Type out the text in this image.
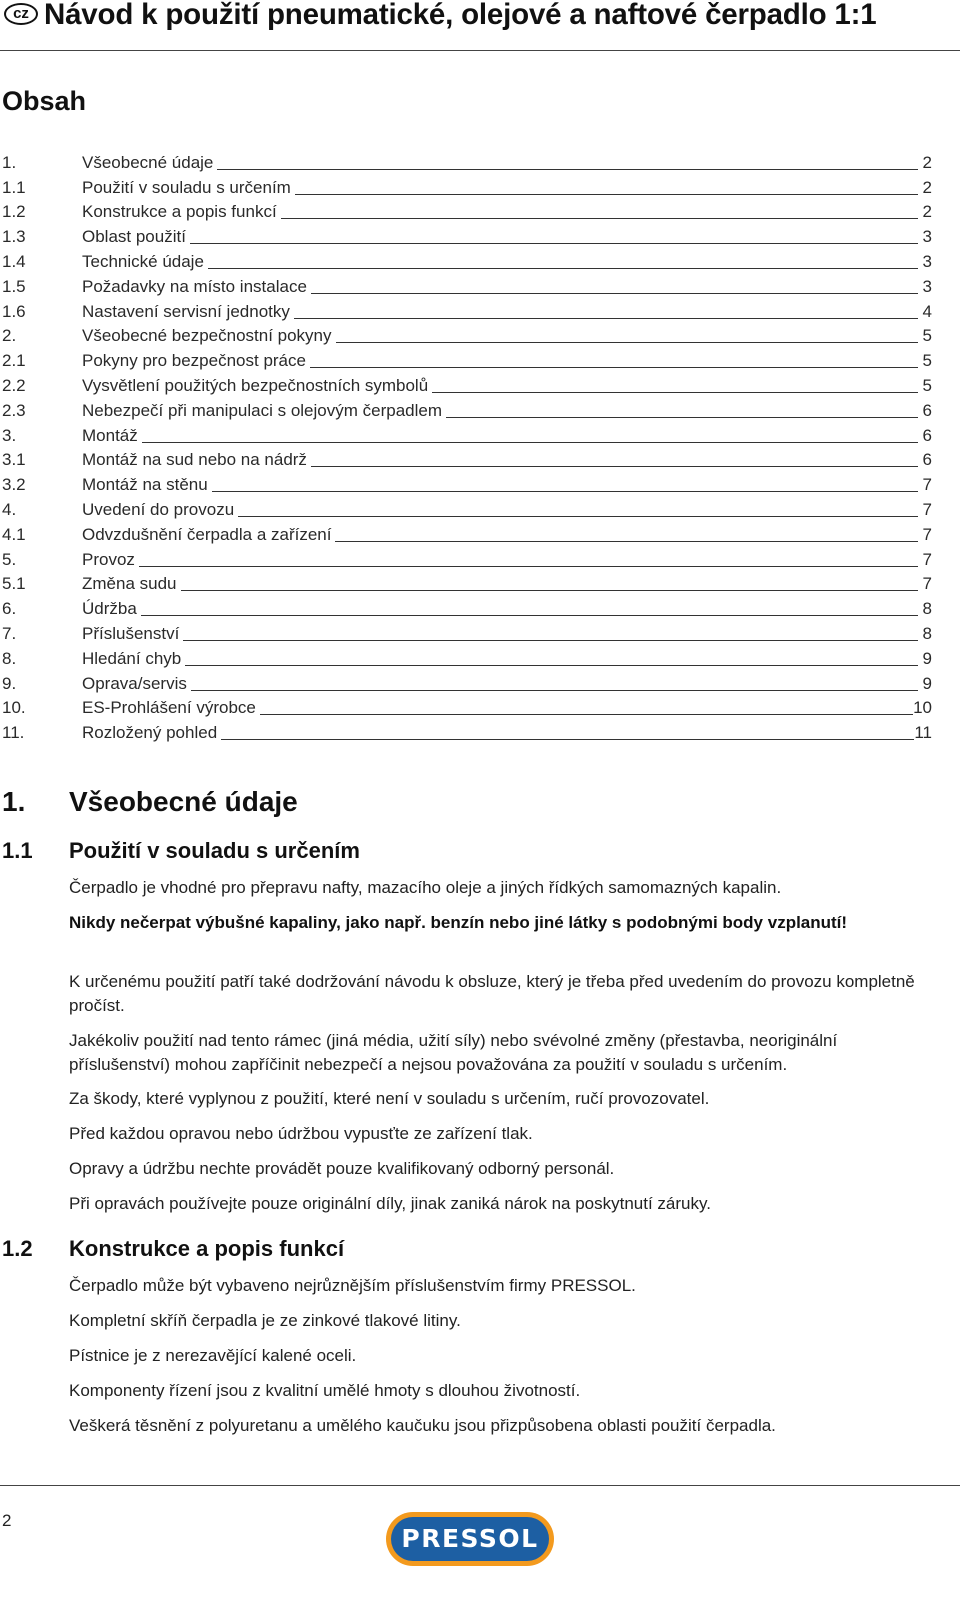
cz Návod k použití pneumatické, olejové a naftové čerpadlo 1:1
Obsah
1.	Všeobecné údaje	2
1.1	Použití v souladu s určením	2
1.2	Konstrukce a popis funkcí	2
1.3	Oblast použití	3
1.4	Technické údaje	3
1.5	Požadavky na místo instalace	3
1.6	Nastavení servisní jednotky	4
2.	Všeobecné bezpečnostní pokyny	5
2.1	Pokyny pro bezpečnost práce	5
2.2	Vysvětlení použitých bezpečnostních symbolů	5
2.3	Nebezpečí při manipulaci s olejovým čerpadlem	6
3.	Montáž	6
3.1	Montáž na sud nebo na nádrž	6
3.2	Montáž na stěnu	7
4.	Uvedení do provozu	7
4.1	Odvzdušnění čerpadla a zařízení	7
5.	Provoz	7
5.1	Změna sudu	7
6.	Údržba	8
7.	Příslušenství	8
8.	Hledání chyb	9
9.	Oprava/servis	9
10.	ES-Prohlášení výrobce	10
11.	Rozložený pohled	11
1. Všeobecné údaje
1.1 Použití v souladu s určením

Čerpadlo je vhodné pro přepravu nafty, mazacího oleje a jiných řídkých samomazných kapalin.

Nikdy nečerpat výbušné kapaliny, jako např. benzín nebo jiné látky s podobnými body vzplanutí!

K určenému použití patří také dodržování návodu k obsluze, který je třeba před uvedením do provozu kompletně pročíst.

Jakékoliv použití nad tento rámec (jiná média, užití síly) nebo svévolné změny (přestavba, neoriginální příslušenství) mohou zapříčinit nebezpečí a nejsou považována za použití v souladu s určením.

Za škody, které vyplynou z použití, které není v souladu s určením, ručí provozovatel.

Před každou opravou nebo údržbou vypusťte ze zařízení tlak.

Opravy a údržbu nechte provádět pouze kvalifikovaný odborný personál.

Při opravách používejte pouze originální díly, jinak zaniká nárok na poskytnutí záruky.

1.2 Konstrukce a popis funkcí

Čerpadlo může být vybaveno nejrůznějším příslušenstvím firmy PRESSOL.

Kompletní skříň čerpadla je ze zinkové tlakové litiny.

Pístnice je z nerezavějící kalené oceli.

Komponenty řízení jsou z kvalitní umělé hmoty s dlouhou životností.

Veškerá těsnění z polyuretanu a umělého kaučuku jsou přizpůsobena oblasti použití čerpadla.

2
PRESSOL
